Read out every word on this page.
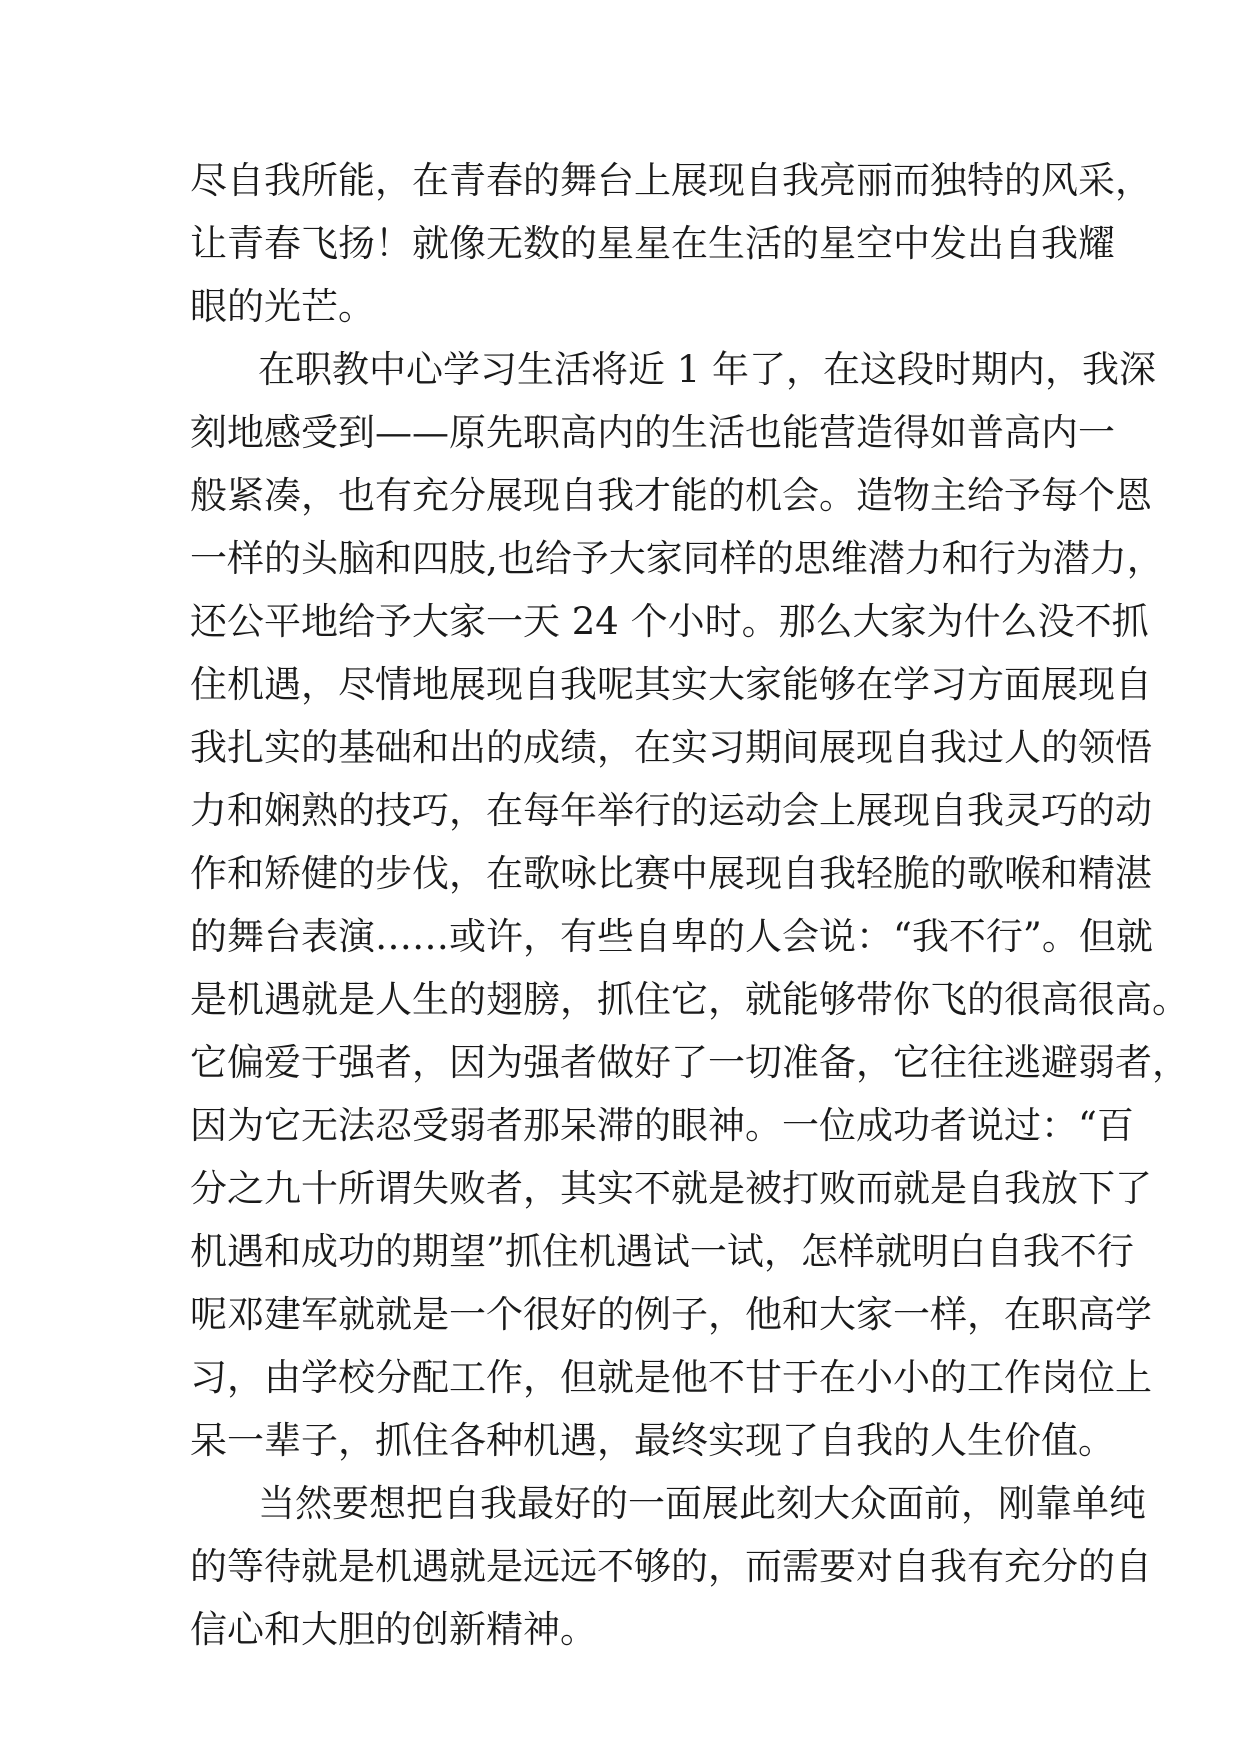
尽自我所能，在青春的舞台上展现自我亮丽而独特的风采，
让青春飞扬！就像无数的星星在生活的星空中发出自我耀
眼的光芒。
在职教中心学习生活将近 1 年了，在这段时期内，我深
刻地感受到——原先职高内的生活也能营造得如普高内一
般紧凑，也有充分展现自我才能的机会。造物主给予每个恩
一样的头脑和四肢,也给予大家同样的思维潜力和行为潜力，
还公平地给予大家一天 24 个小时。那么大家为什么没不抓
住机遇，尽情地展现自我呢其实大家能够在学习方面展现自
我扎实的基础和出的成绩，在实习期间展现自我过人的领悟
力和娴熟的技巧，在每年举行的运动会上展现自我灵巧的动
作和矫健的步伐，在歌咏比赛中展现自我轻脆的歌喉和精湛
的舞台表演……或许，有些自卑的人会说：“我不行”。但就
是机遇就是人生的翅膀，抓住它，就能够带你飞的很高很高。
它偏爱于强者，因为强者做好了一切准备，它往往逃避弱者，
因为它无法忍受弱者那呆滞的眼神。一位成功者说过：“百
分之九十所谓失败者，其实不就是被打败而就是自我放下了
机遇和成功的期望”抓住机遇试一试，怎样就明白自我不行
呢邓建军就就是一个很好的例子，他和大家一样，在职高学
习，由学校分配工作，但就是他不甘于在小小的工作岗位上
呆一辈子，抓住各种机遇，最终实现了自我的人生价值。
当然要想把自我最好的一面展此刻大众面前，刚靠单纯
的等待就是机遇就是远远不够的，而需要对自我有充分的自
信心和大胆的创新精神。
